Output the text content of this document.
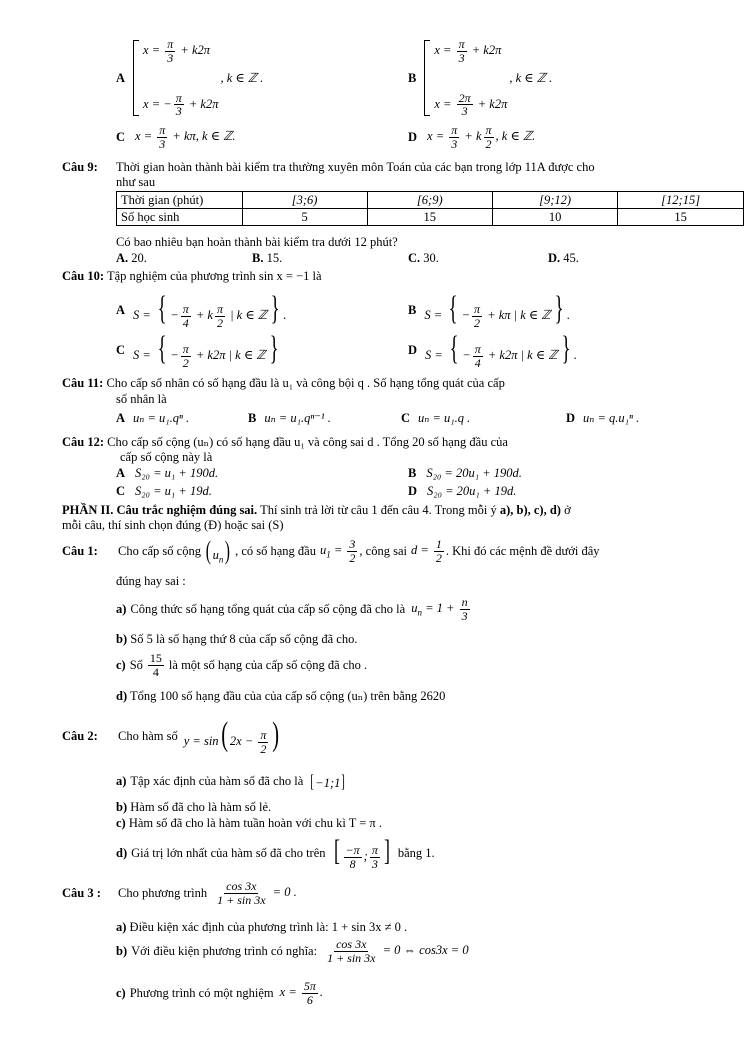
A
$x = \frac{\pi}{3} + k2\pi$
x = − $\frac{\pi}{3} + k2\pi$
, k ∈ ℤ .	B
$x = \frac{\pi}{3} + k2\pi$
$x = \frac{2\pi}{3} + k2\pi$
, k ∈ ℤ .
C $x = \frac{\pi}{3} + k\pi$, k ∈ ℤ.	D $x = \frac{\pi}{3} + k \frac{\pi}{2}$ , k ∈ ℤ.
Câu 9: Thời gian hoàn thành bài kiểm tra thường xuyên môn Toán của các bạn trong lớp 11A được cho
như sau
Thời gian (phút)	[3;6)	[6;9)	[9;12)	[12;15]
Số học sinh	5	15	10	15
Có bao nhiêu bạn hoàn thành bài kiểm tra dưới 12 phút?
A. 20.	B. 15.	C. 30.	D. 45.
Câu 10: Tập nghiệm của phương trình sin x = −1 là
A S = { − $\frac{\pi}{4} + k \frac{\pi}{2}$ | k ∈ ℤ } .	B S = { − $\frac{\pi}{2} + k\pi$ | k ∈ ℤ } .
C S = { − $\frac{\pi}{2} + k2\pi$ | k ∈ ℤ }	D S = { − $\frac{\pi}{4} + k2\pi$ | k ∈ ℤ } .
Câu 11: Cho cấp số nhân có số hạng đầu là u₁ và công bội q . Số hạng tổng quát của cấp
số nhân là
A uₙ = u₁.qⁿ .	B uₙ = u₁.qⁿ⁻¹ .	C uₙ = u₁.q .	D uₙ = q.u₁ⁿ .
Câu 12: Cho cấp số cộng (uₙ) có số hạng đầu u₁ và công sai d . Tổng 20 số hạng đầu của
cấp số cộng này là
A S₂₀ = u₁ + 190d.	B S₂₀ = 20u₁ + 190d.
C S₂₀ = u₁ + 19d.	D S₂₀ = 20u₁ + 19d.
PHẦN II. Câu trắc nghiệm đúng sai. Thí sinh trả lời từ câu 1 đến câu 4. Trong mỗi ý a), b), c), d) ở
mỗi câu, thí sinh chọn đúng (Đ) hoặc sai (S)
Câu 1:	Cho cấp số cộng ( $u_n$) , có số hạng đầu $u_1 = \frac{3}{2}$ , công sai $d = \frac{1}{2}$ . Khi đó các mệnh đề dưới đây
đúng hay sai :
a) Công thức số hạng tổng quát của cấp số cộng đã cho là $u_n = 1 + \frac{n}{3}$
b) Số 5 là số hạng thứ 8 của cấp số cộng đã cho.
c) Số $\frac{15}{4}$ là một số hạng của cấp số cộng đã cho .
d) Tổng 100 số hạng đầu của của cấp số cộng (uₙ) trên bằng 2620
Câu 2:	Cho hàm số y = sin( $2x - \frac{\pi}{2}$ )
a) Tập xác định của hàm số đã cho là [−1;1]
b) Hàm số đã cho là hàm số lẻ.
c) Hàm số đã cho là hàm tuần hoàn với chu kì T = π .
d) Giá trị lớn nhất của hàm số đã cho trên [ $\frac{-\pi}{8}$ ; $\frac{\pi}{3}$ ] bằng 1.
Câu 3 :	Cho phương trình $\frac{\cos 3x}{1 + \sin 3x} = 0$ .
a) Điều kiện xác định của phương trình là: 1 + sin 3x ≠ 0 .
b) Với điều kiện phương trình có nghĩa: $\frac{\cos 3x}{1 + \sin 3x} = 0$ ⇔ cos3x = 0
c) Phương trình có một nghiệm $x = \frac{5\pi}{6}$ .
